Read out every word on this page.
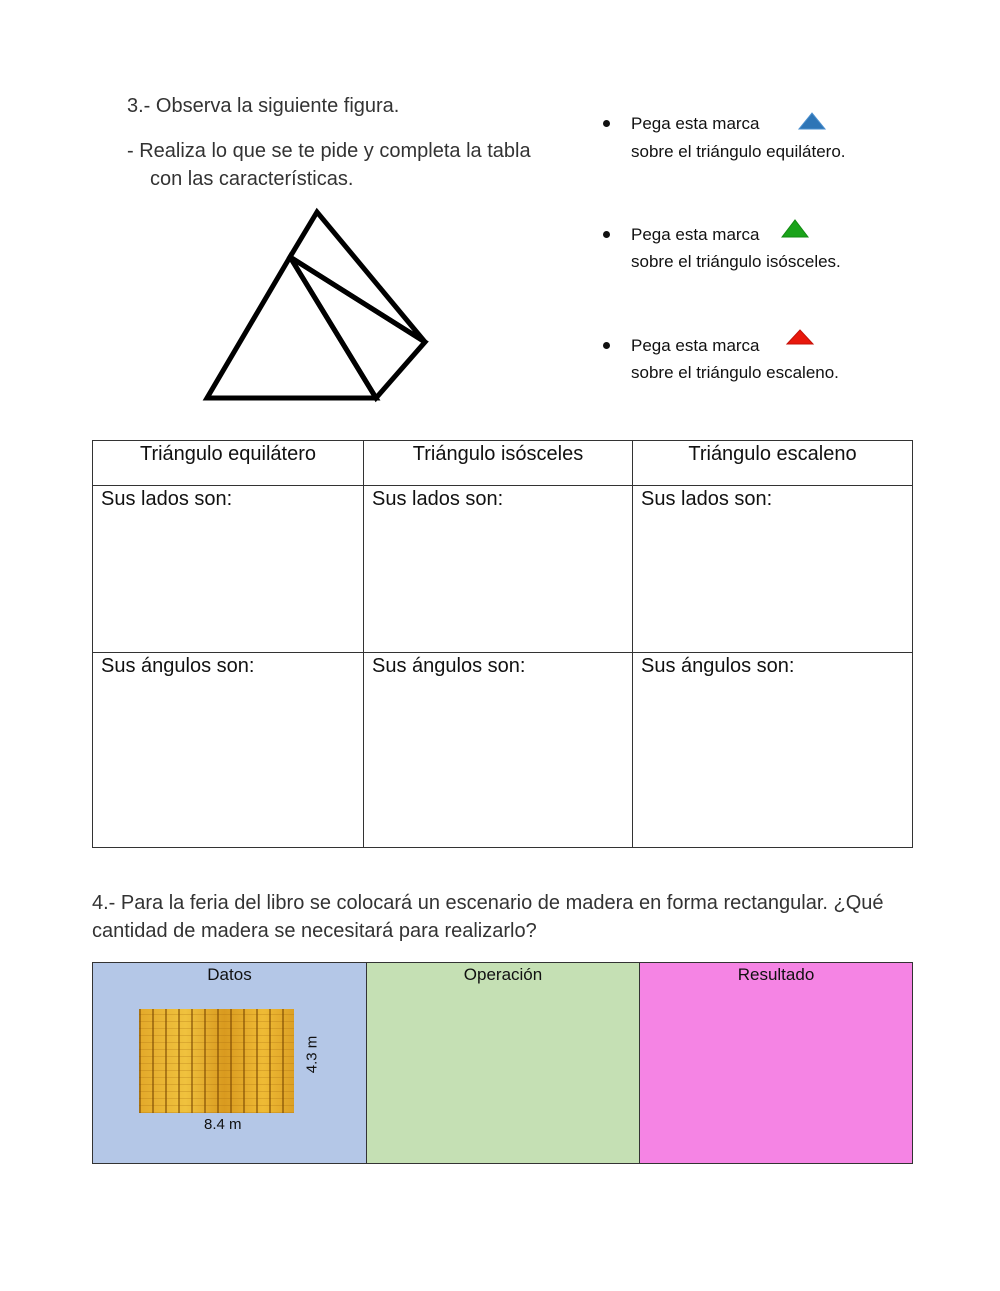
3.- Observa la siguiente figura.
- Realiza lo que se te pide y completa la tabla
con las características.
Pega esta marca
sobre el triángulo equilátero.
Pega esta marca
sobre el triángulo isósceles.
Pega esta marca
sobre el triángulo escaleno.
Triángulo equilátero	Triángulo isósceles	Triángulo escaleno

Sus lados son:	Sus lados son:	Sus lados son:

Sus ángulos son:	Sus ángulos son:	Sus ángulos son:
4.- Para la feria del libro se colocará un escenario de madera en forma rectangular. ¿Qué cantidad de madera se necesitará para realizarlo?
Datos	Operación	Resultado
8.4 m
4.3 m
